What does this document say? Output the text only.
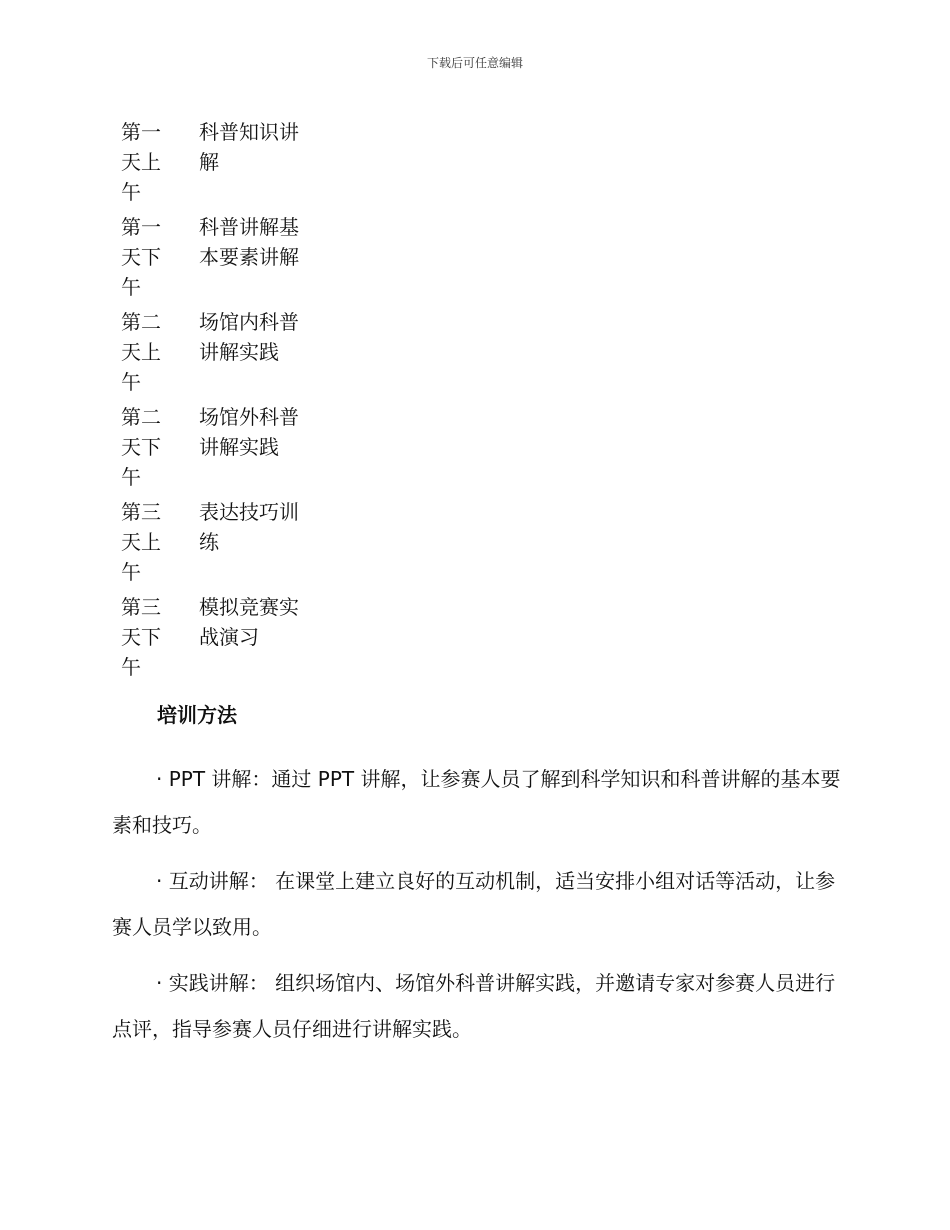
下载后可任意编辑
第一天上午
科普知识讲解
第一天下午
科普讲解基本要素讲解
第二天上午
场馆内科普讲解实践
第二天下午
场馆外科普讲解实践
第三天上午
表达技巧训练
第三天下午
模拟竞赛实战演习
培训方法

· PPT 讲解：通过 PPT 讲解，让参赛人员了解到科学知识和科普讲解的基本要素和技巧。

· 互动讲解： 在课堂上建立良好的互动机制，适当安排小组对话等活动，让参赛人员学以致用。

· 实践讲解： 组织场馆内、场馆外科普讲解实践，并邀请专家对参赛人员进行点评，指导参赛人员仔细进行讲解实践。
